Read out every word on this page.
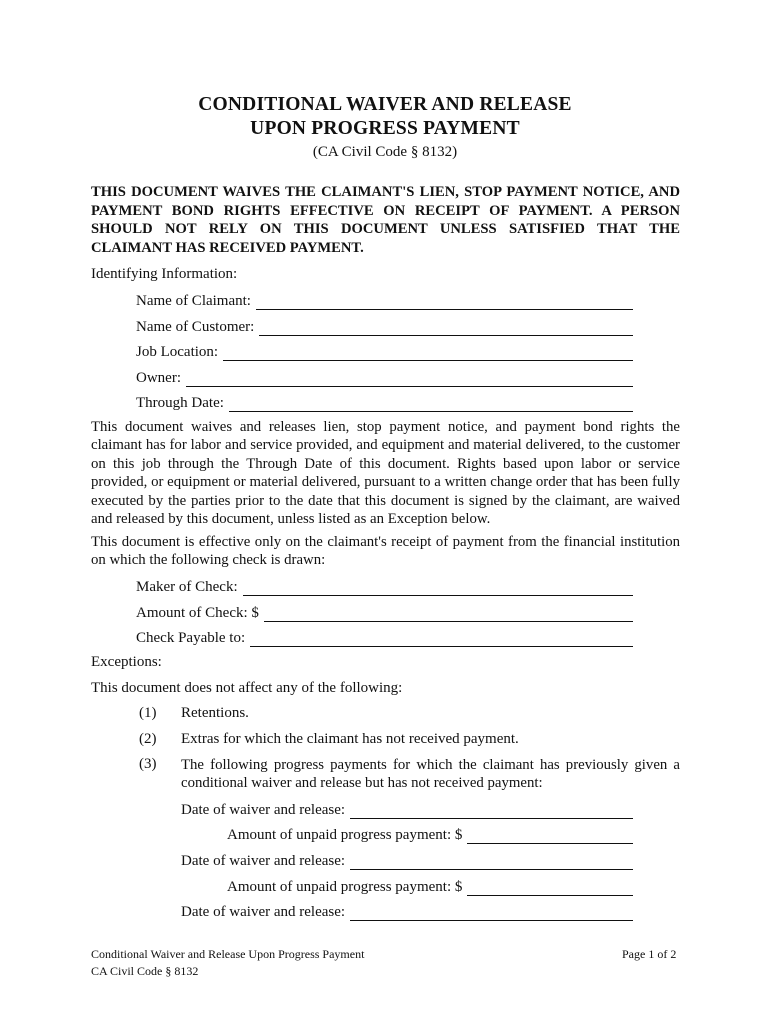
CONDITIONAL WAIVER AND RELEASE
UPON PROGRESS PAYMENT
(CA Civil Code § 8132)
THIS DOCUMENT WAIVES THE CLAIMANT'S LIEN, STOP PAYMENT NOTICE, AND PAYMENT BOND RIGHTS EFFECTIVE ON RECEIPT OF PAYMENT. A PERSON SHOULD NOT RELY ON THIS DOCUMENT UNLESS SATISFIED THAT THE CLAIMANT HAS RECEIVED PAYMENT.
Identifying Information:
Name of Claimant:
Name of Customer:
Job Location:
Owner:
Through Date:
This document waives and releases lien, stop payment notice, and payment bond rights the claimant has for labor and service provided, and equipment and material delivered, to the customer on this job through the Through Date of this document. Rights based upon labor or service provided, or equipment or material delivered, pursuant to a written change order that has been fully executed by the parties prior to the date that this document is signed by the claimant, are waived and released by this document, unless listed as an Exception below.
This document is effective only on the claimant's receipt of payment from the financial institution on which the following check is drawn:
Maker of Check:
Amount of Check: $
Check Payable to:
Exceptions:
This document does not affect any of the following:
(1) Retentions.
(2) Extras for which the claimant has not received payment.
(3) The following progress payments for which the claimant has previously given a conditional waiver and release but has not received payment:
Date of waiver and release:
Amount of unpaid progress payment: $
Date of waiver and release:
Amount of unpaid progress payment: $
Date of waiver and release:
Conditional Waiver and Release Upon Progress Payment
CA Civil Code § 8132
Page 1 of 2
